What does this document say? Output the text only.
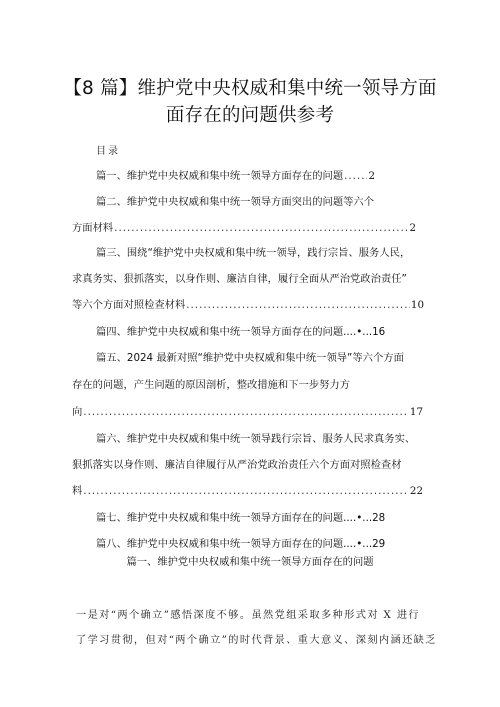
【8 篇】维护党中央权威和集中统一领导方面
面存在的问题供参考
目录
篇一、维护党中央权威和集中统一领导方面存在的问题 ..... 2
篇二、维护党中央权威和集中统一领导方面突出的问题等六个
方面材料 .....	2
篇三、围绕“维护党中央权威和集中统一领导，践行宗旨、服务人民，
求真务实、狠抓落实，以身作则、廉洁自律，履行全面从严治党政治责任”
等六个方面对照检查材料 .....	10
篇四、维护党中央权威和集中统一领导方面存在的问题....•...16
篇五、2024 最新对照“维护党中央权威和集中统一领导”等六个方面
存在的问题，产生问题的原因剖析，整改措施和下一步努力方
向 .....	17
篇六、维护党中央权威和集中统一领导践行宗旨、服务人民求真务实、
狠抓落实以身作则、廉洁自律履行从严治党政治责任六个方面对照检查材
料 .....	22
篇七、维护党中央权威和集中统一领导方面存在的问题....•...28
篇八、维护党中央权威和集中统一领导方面存在的问题....•...29
篇一、维护党中央权威和集中统一领导方面存在的问题
一是对“两个确立”感悟深度不够。虽然党组采取多种形式对 X 进行
了学习贯彻，但对“两个确立”的时代背景、重大意义、深刻内涵还缺乏
